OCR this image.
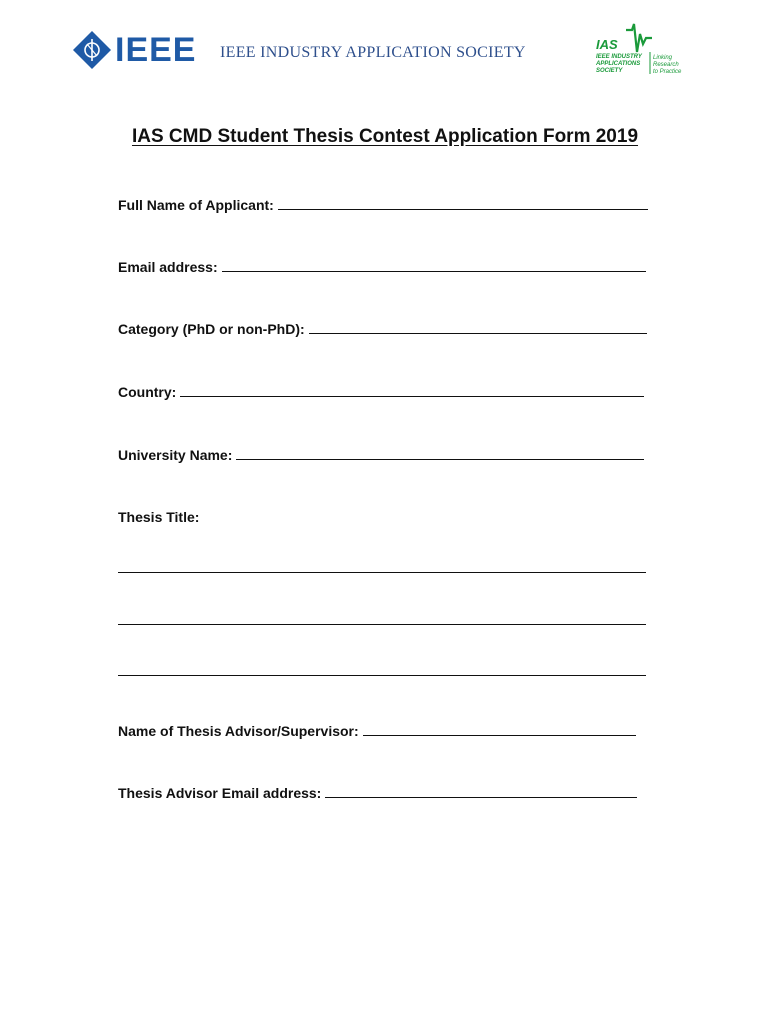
IEEE IEEE INDUSTRY APPLICATION SOCIETY	IAS
IEEE INDUSTRY
APPLICATIONS
SOCIETY
Linking
Research
to Practice
IAS CMD Student Thesis Contest Application Form 2019
Full Name of Applicant:
Email address:
Category (PhD or non-PhD):
Country:
University Name:
Thesis Title:
Name of Thesis Advisor/Supervisor:
Thesis Advisor Email address:
